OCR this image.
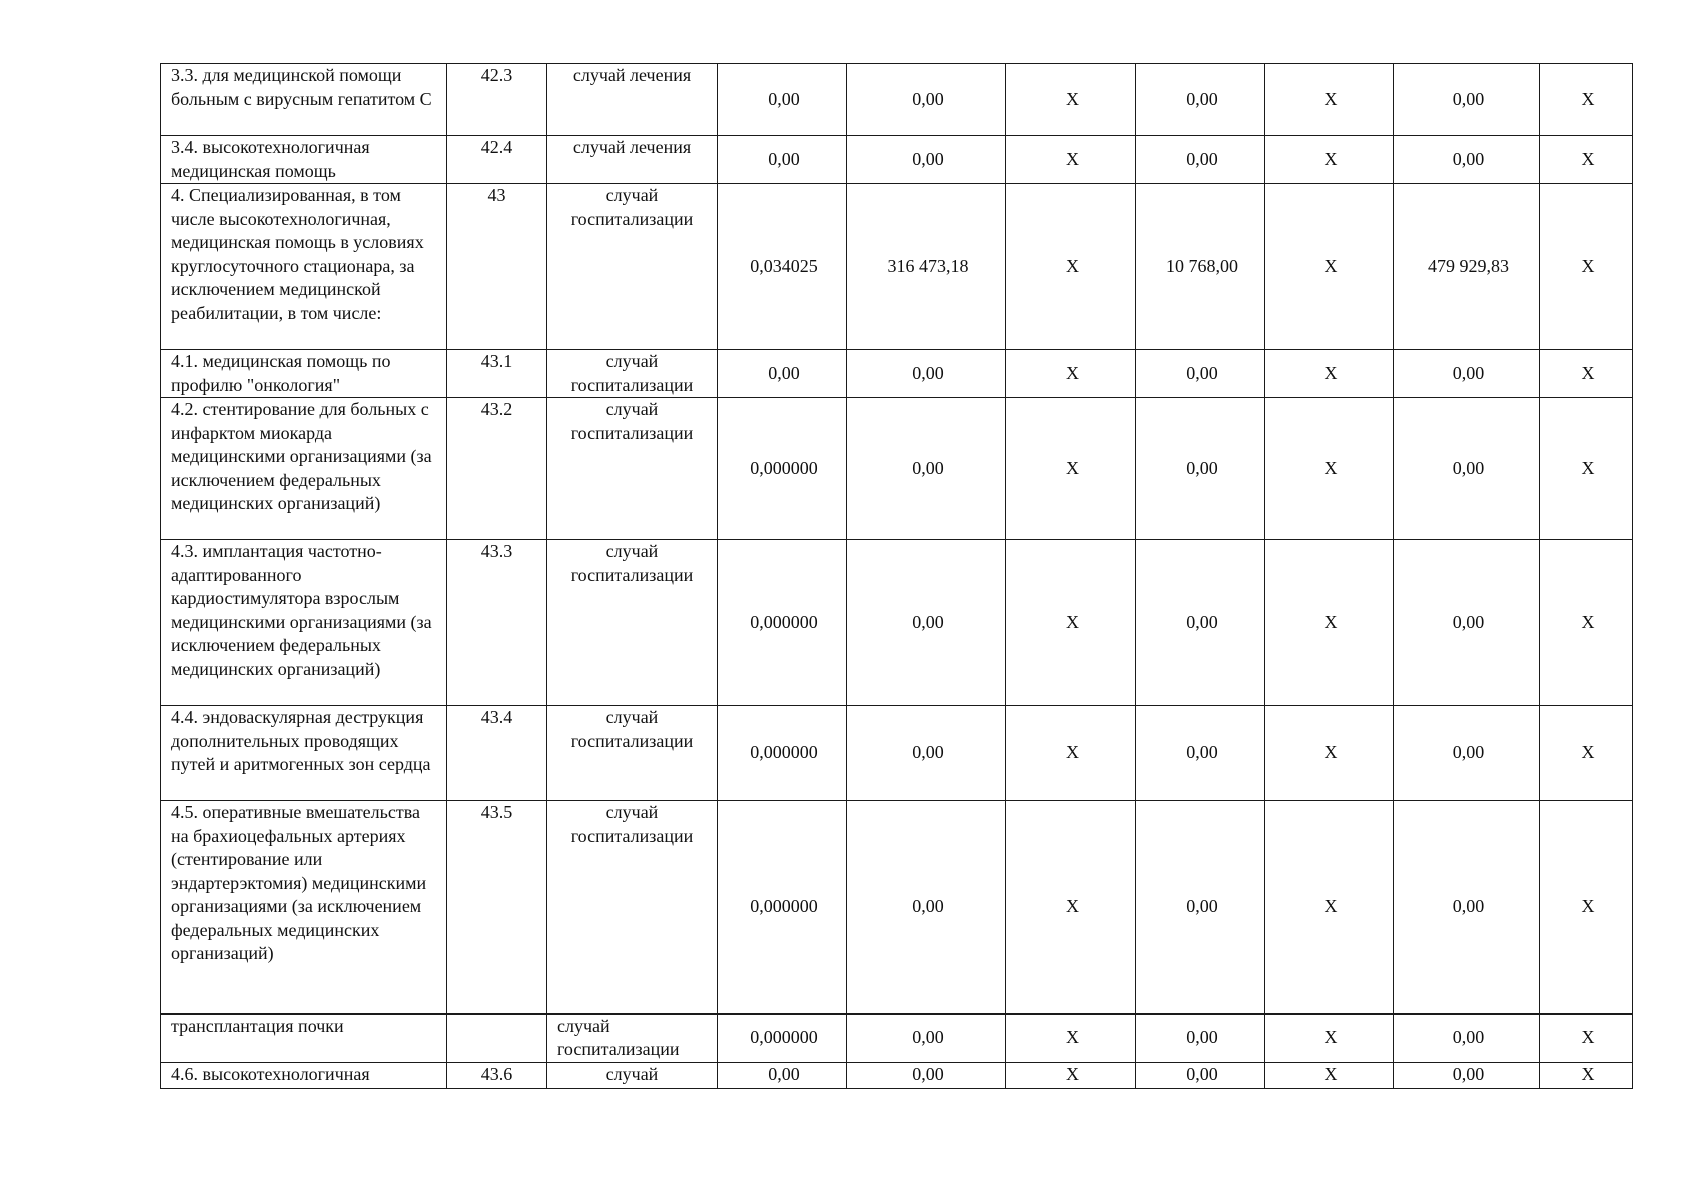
3.3. для медицинской помощи больным с вирусным гепатитом С	42.3	случай лечения	0,00	0,00	X	0,00	X	0,00	X
3.4. высокотехнологичная медицинская помощь	42.4	случай лечения	0,00	0,00	X	0,00	X	0,00	X
4. Специализированная, в том числе высокотехнологичная, медицинская помощь в условиях круглосуточного стационара, за исключением медицинской реабилитации, в том числе:	43	случай госпитализации	0,034025	316 473,18	X	10 768,00	X	479 929,83	X
4.1. медицинская помощь по профилю "онкология"	43.1	случай госпитализации	0,00	0,00	X	0,00	X	0,00	X
4.2. стентирование для больных с инфарктом миокарда медицинскими организациями (за исключением федеральных медицинских организаций)	43.2	случай госпитализации	0,000000	0,00	X	0,00	X	0,00	X
4.3. имплантация частотно-адаптированного кардиостимулятора взрослым медицинскими организациями (за исключением федеральных медицинских организаций)	43.3	случай госпитализации	0,000000	0,00	X	0,00	X	0,00	X
4.4. эндоваскулярная деструкция дополнительных проводящих путей и аритмогенных зон сердца	43.4	случай госпитализации	0,000000	0,00	X	0,00	X	0,00	X
4.5. оперативные вмешательства на брахиоцефальных артериях (стентирование или эндартерэктомия) медицинскими организациями (за исключением федеральных медицинских организаций)	43.5	случай госпитализации	0,000000	0,00	X	0,00	X	0,00	X
трансплантация почки		случай госпитализации	0,000000	0,00	X	0,00	X	0,00	X
4.6. высокотехнологичная	43.6	случай	0,00	0,00	X	0,00	X	0,00	X
